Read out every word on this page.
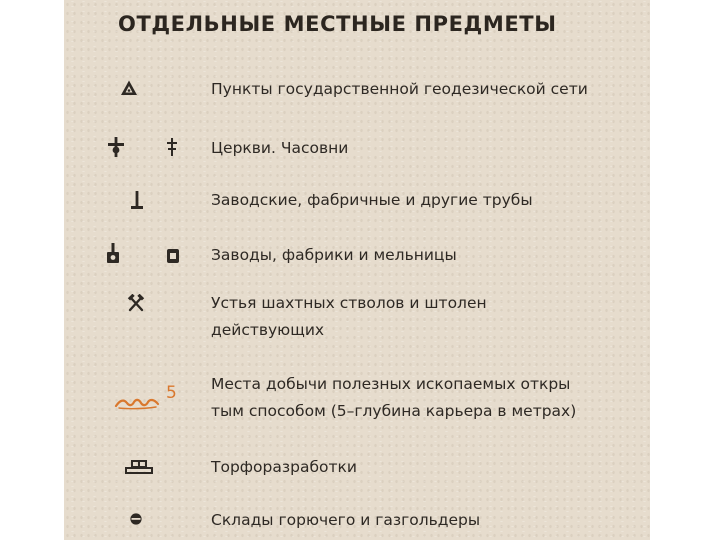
ОТДЕЛЬНЫЕ МЕСТНЫЕ ПРЕДМЕТЫ
Пункты государственной геодезической сети
Церкви. Часовни
Заводские, фабричные и другие трубы
Заводы, фабрики и мельницы
Устья шахтных стволов и штолен
действующих
5 Места добычи полезных ископаемых откры
тым способом (5–глубина карьера в метрах)
Торфоразработки
Склады горючего и газгольдеры
